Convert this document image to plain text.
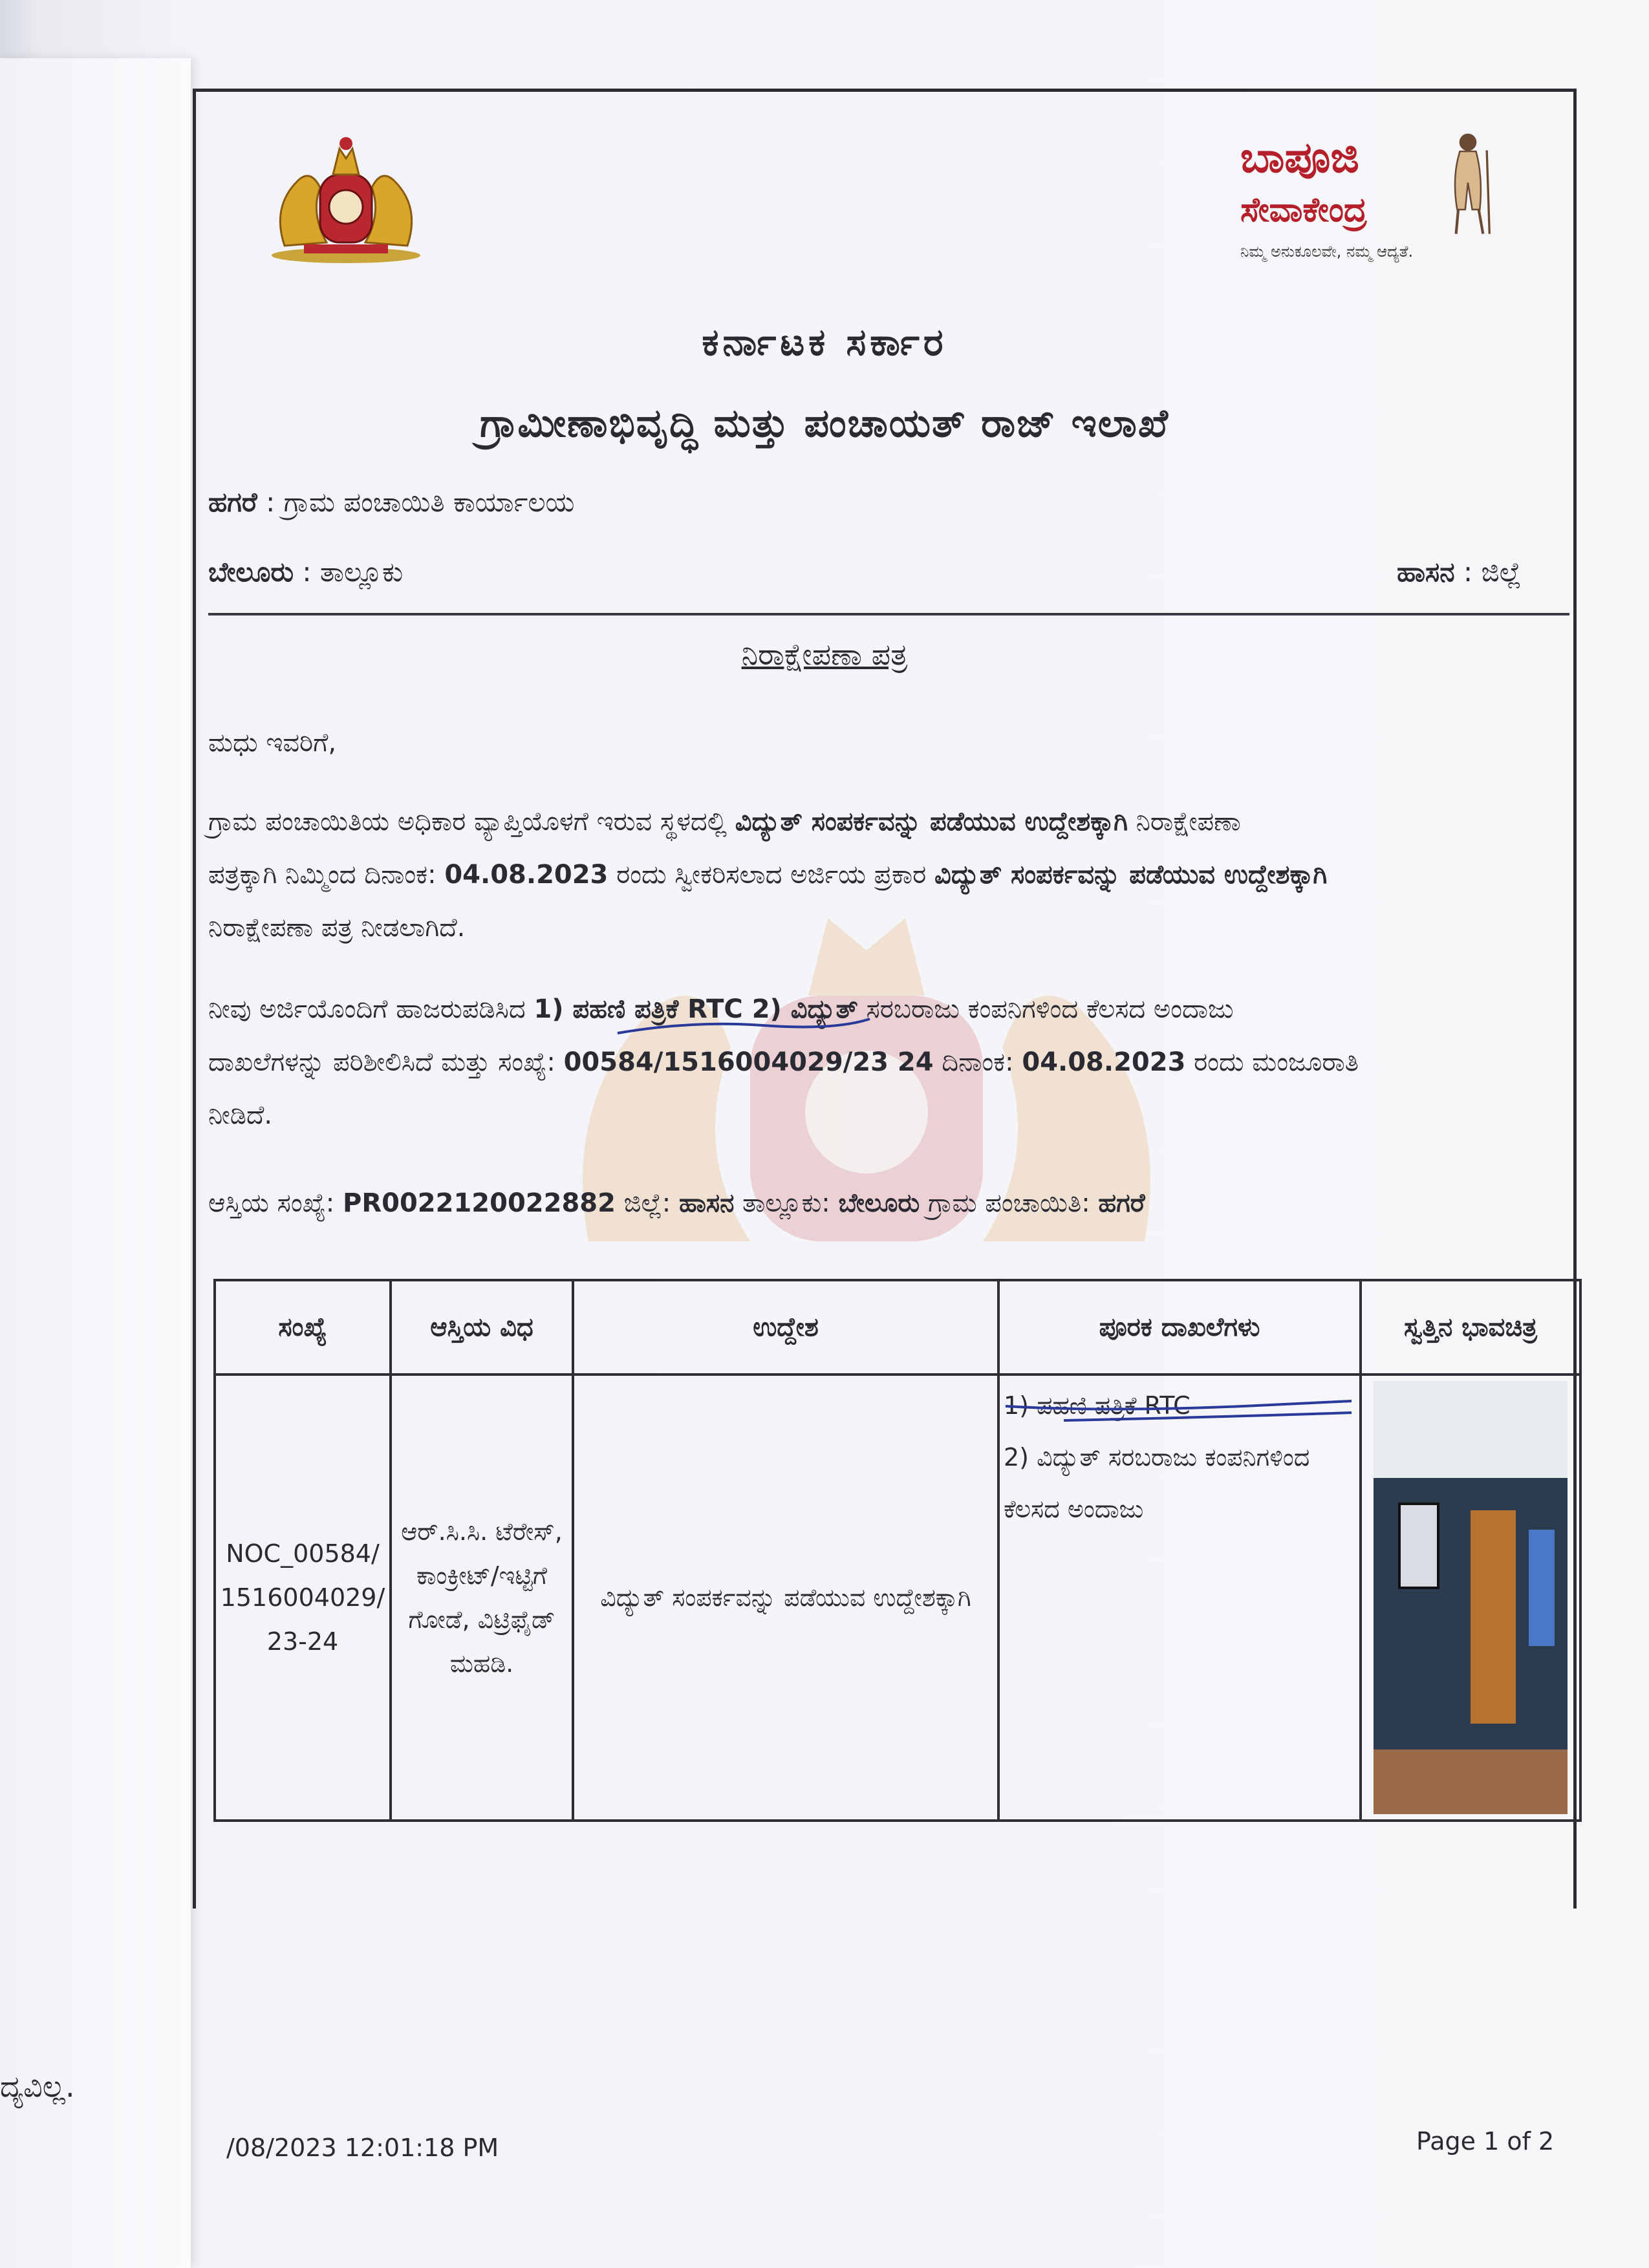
ಬಾಪೂಜಿ
ಸೇವಾಕೇಂದ್ರ
ನಿಮ್ಮ ಅನುಕೂಲವೇ, ನಮ್ಮ ಆದ್ಯತೆ.
ಕರ್ನಾಟಕ ಸರ್ಕಾರ
ಗ್ರಾಮೀಣಾಭಿವೃದ್ಧಿ ಮತ್ತು ಪಂಚಾಯತ್ ರಾಜ್ ಇಲಾಖೆ
ಹಗರೆ : ಗ್ರಾಮ ಪಂಚಾಯಿತಿ ಕಾರ್ಯಾಲಯ
ಬೇಲೂರು : ತಾಲ್ಲೂಕು	ಹಾಸನ : ಜಿಲ್ಲೆ
ನಿರಾಕ್ಷೇಪಣಾ ಪತ್ರ
ಮಧು ಇವರಿಗೆ,
ಗ್ರಾಮ ಪಂಚಾಯಿತಿಯ ಅಧಿಕಾರ ವ್ಯಾಪ್ತಿಯೊಳಗೆ ಇರುವ ಸ್ಥಳದಲ್ಲಿ ವಿದ್ಯುತ್ ಸಂಪರ್ಕವನ್ನು ಪಡೆಯುವ ಉದ್ದೇಶಕ್ಕಾಗಿ ನಿರಾಕ್ಷೇಪಣಾ
ಪತ್ರಕ್ಕಾಗಿ ನಿಮ್ಮಿಂದ ದಿನಾಂಕ: 04.08.2023 ರಂದು ಸ್ವೀಕರಿಸಲಾದ ಅರ್ಜಿಯ ಪ್ರಕಾರ ವಿದ್ಯುತ್ ಸಂಪರ್ಕವನ್ನು ಪಡೆಯುವ ಉದ್ದೇಶಕ್ಕಾಗಿ
ನಿರಾಕ್ಷೇಪಣಾ ಪತ್ರ ನೀಡಲಾಗಿದೆ.
ನೀವು ಅರ್ಜಿಯೊಂದಿಗೆ ಹಾಜರುಪಡಿಸಿದ 1) ಪಹಣಿ ಪತ್ರಿಕೆ RTC 2) ವಿದ್ಯುತ್ ಸರಬರಾಜು ಕಂಪನಿಗಳಿಂದ ಕೆಲಸದ ಅಂದಾಜು
ದಾಖಲೆಗಳನ್ನು ಪರಿಶೀಲಿಸಿದೆ ಮತ್ತು ಸಂಖ್ಯೆ: 00584/1516004029/23 24 ದಿನಾಂಕ: 04.08.2023 ರಂದು ಮಂಜೂರಾತಿ
ನೀಡಿದೆ.
ಆಸ್ತಿಯ ಸಂಖ್ಯೆ: PR0022120022882 ಜಿಲ್ಲೆ: ಹಾಸನ ತಾಲ್ಲೂಕು: ಬೇಲೂರು ಗ್ರಾಮ ಪಂಚಾಯಿತಿ: ಹಗರೆ
ಸಂಖ್ಯೆ	ಆಸ್ತಿಯ ವಿಧ	ಉದ್ದೇಶ	ಪೂರಕ ದಾಖಲೆಗಳು	ಸ್ವತ್ತಿನ ಭಾವಚಿತ್ರ
NOC_00584/1516004029/23-24	ಆರ್.ಸಿ.ಸಿ. ಟೆರೇಸ್, ಕಾಂಕ್ರೀಟ್/ಇಟ್ಟಿಗೆ ಗೋಡೆ, ವಿಟ್ರಿಫೈಡ್ ಮಹಡಿ.	ವಿದ್ಯುತ್ ಸಂಪರ್ಕವನ್ನು ಪಡೆಯುವ ಉದ್ದೇಶಕ್ಕಾಗಿ	1) ಪಹಣಿ ಪತ್ರಿಕೆ RTC
2) ವಿದ್ಯುತ್ ಸರಬರಾಜು ಕಂಪನಿಗಳಿಂದ ಕೆಲಸದ ಅಂದಾಜು

ದ್ಯವಿಲ್ಲ.
/08/2023 12:01:18 PM	Page 1 of 2
